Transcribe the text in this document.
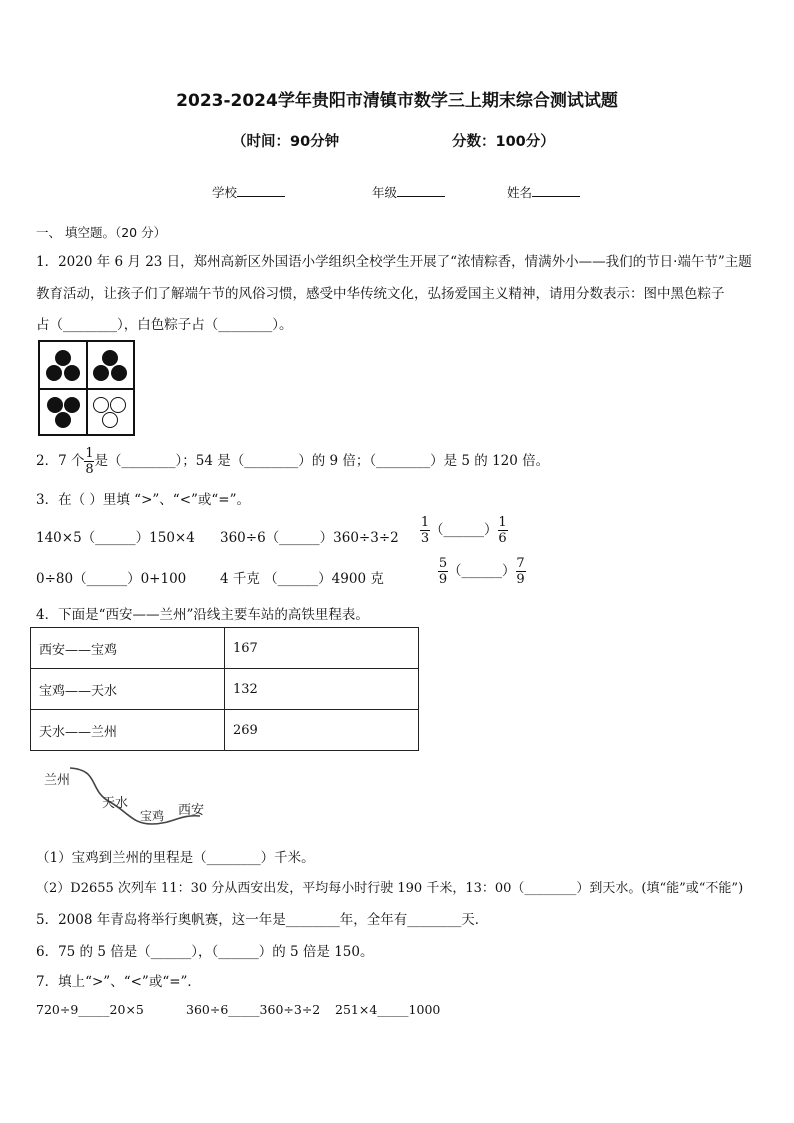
2023-2024学年贵阳市清镇市数学三上期末综合测试试题
（时间：90分钟	分数：100分）
学校	年级	姓名
一、 填空题。（20 分）
1．2020 年 6 月 23 日，郑州高新区外国语小学组织全校学生开展了“浓情粽香，情满外小——我们的节日·端午节”主题
教育活动，让孩子们了解端午节的风俗习惯，感受中华传统文化，弘扬爱国主义精神，请用分数表示：图中黑色粽子
占（________），白色粽子占（________）。
2．7 个 $\frac{1}{8}$ 是（________）；54 是（________）的 9 倍；（________）是 5 的 120 倍。
3．在（ ）里填 “>”、“<”或“=”。
140×5（______）150×4 360÷6（______）360÷3÷2 $\frac{1}{3}$ （______） $\frac{1}{6}$
0÷80（______）0+100	4 千克 （______）4900 克	$\frac{5}{9}$ （______） $\frac{7}{9}$
4．下面是“西安——兰州”沿线主要车站的高铁里程表。
西安——宝鸡	167
宝鸡——天水	132
天水——兰州	269
兰州
天水
宝鸡 西安
（1）宝鸡到兰州的里程是（________）千米。
（2）D2655 次列车 11：30 分从西安出发，平均每小时行驶 190 千米，13：00（________）到天水。(填“能”或“不能”)
5．2008 年青岛将举行奥帆赛，这一年是________年，全年有________天．
6．75 的 5 倍是（______），（______）的 5 倍是 150。
7．填上“>”、“<”或“=”．
720÷9_____20×5	360÷6_____360÷3÷2 251×4_____1000
